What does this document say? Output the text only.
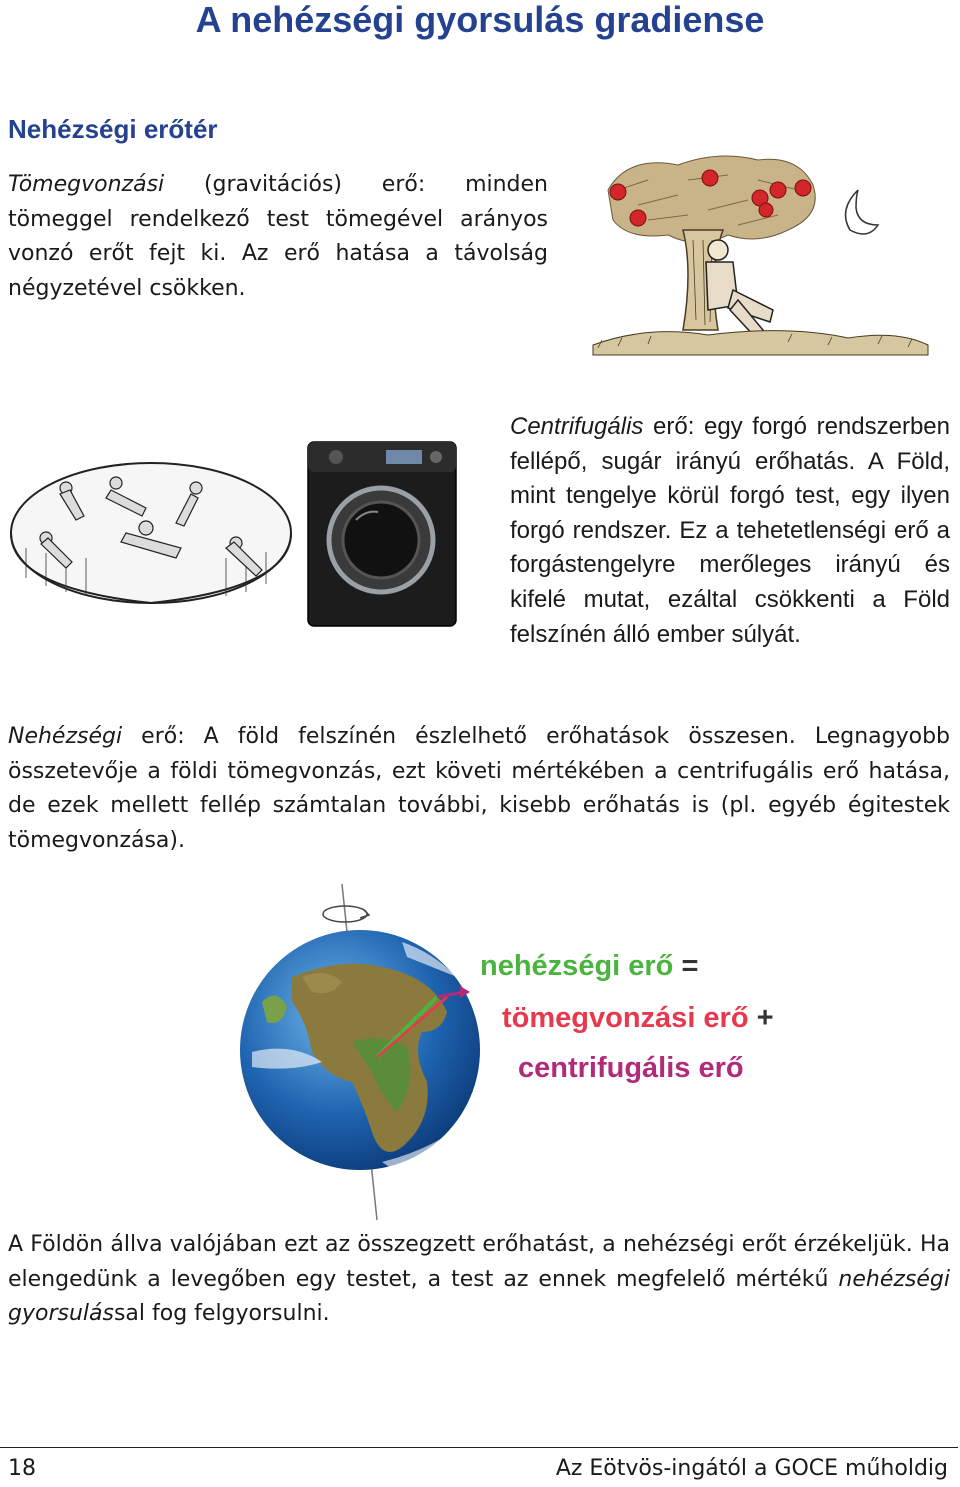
A nehézségi gyorsulás gradiense
Nehézségi erőtér
Tömegvonzási (gravitációs) erő: minden tömeggel rendelkező test tömegével arányos vonzó erőt fejt ki. Az erő hatása a távolság négyzetével csökken.
Centrifugális erő: egy forgó rendszerben fellépő, sugár irányú erőhatás. A Föld, mint tengelye körül forgó test, egy ilyen forgó rendszer. Ez a tehetetlenségi erő a forgástengelyre merőleges irányú és kifelé mutat, ezáltal csökkenti a Föld felszínén álló ember súlyát.
Nehézségi erő: A föld felszínén észlelhető erőhatások összesen. Legnagyobb összetevője a földi tömegvonzás, ezt követi mértékében a centrifugális erő hatása, de ezek mellett fellép számtalan további, kisebb erőhatás is (pl. egyéb égitestek tömegvonzása).
nehézségi erő =
tömegvonzási erő +
centrifugális erő
A Földön állva valójában ezt az összegzett erőhatást, a nehézségi erőt érzékeljük. Ha elengedünk a levegőben egy testet, a test az ennek megfelelő mértékű nehézségi gyorsulással fog felgyorsulni.
18	Az Eötvös-ingától a GOCE műholdig
